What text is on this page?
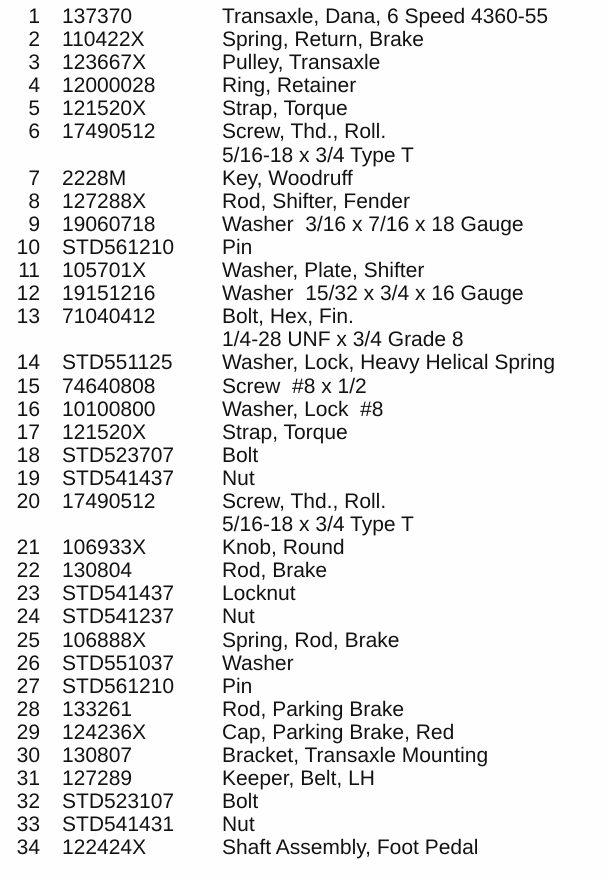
1 137370	Transaxle, Dana, 6 Speed 4360-55
2 110422X	Spring, Return, Brake
3 123667X	Pulley, Transaxle
4 12000028	Ring, Retainer
5 121520X	Strap, Torque
6 17490512	Screw, Thd., Roll.
5/16-18 x 3/4 Type T
7 2228M	Key, Woodruff
8 127288X	Rod, Shifter, Fender
9 19060718	Washer  3/16 x 7/16 x 18 Gauge
10 STD561210	Pin
11 105701X	Washer, Plate, Shifter
12 19151216	Washer  15/32 x 3/4 x 16 Gauge
13 71040412	Bolt, Hex, Fin.
1/4-28 UNF x 3/4 Grade 8
14 STD551125	Washer, Lock, Heavy Helical Spring
15 74640808	Screw  #8 x 1/2
16 10100800	Washer, Lock  #8
17 121520X	Strap, Torque
18 STD523707	Bolt
19 STD541437	Nut
20 17490512	Screw, Thd., Roll.
5/16-18 x 3/4 Type T
21 106933X	Knob, Round
22 130804	Rod, Brake
23 STD541437	Locknut
24 STD541237	Nut
25 106888X	Spring, Rod, Brake
26 STD551037	Washer
27 STD561210	Pin
28 133261	Rod, Parking Brake
29 124236X	Cap, Parking Brake, Red
30 130807	Bracket, Transaxle Mounting
31 127289	Keeper, Belt, LH
32 STD523107	Bolt
33 STD541431	Nut
34 122424X	Shaft Assembly, Foot Pedal
